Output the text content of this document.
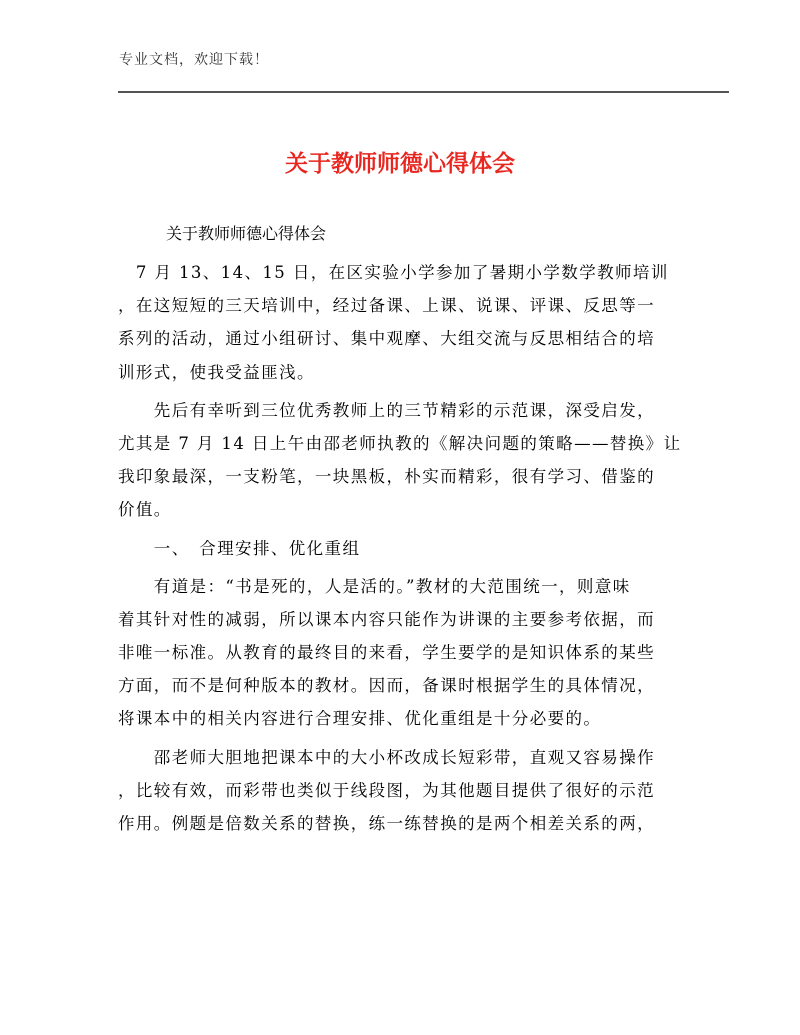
专业文档，欢迎下载！
关于教师师德心得体会
关于教师师德心得体会
　7 月 13、14、15 日，在区实验小学参加了暑期小学数学教师培训
，在这短短的三天培训中，经过备课、上课、说课、评课、反思等一
系列的活动，通过小组研讨、集中观摩、大组交流与反思相结合的培
训形式，使我受益匪浅。
　　先后有幸听到三位优秀教师上的三节精彩的示范课，深受启发，
尤其是 7 月 14 日上午由邵老师执教的《解决问题的策略——替换》让
我印象最深，一支粉笔，一块黑板，朴实而精彩，很有学习、借鉴的
价值。
　　一、　合理安排、优化重组
　　有道是：“书是死的，人是活的。”教材的大范围统一，则意味
着其针对性的减弱，所以课本内容只能作为讲课的主要参考依据，而
非唯一标准。从教育的最终目的来看，学生要学的是知识体系的某些
方面，而不是何种版本的教材。因而，备课时根据学生的具体情况，
将课本中的相关内容进行合理安排、优化重组是十分必要的。
　　邵老师大胆地把课本中的大小杯改成长短彩带，直观又容易操作
，比较有效，而彩带也类似于线段图，为其他题目提供了很好的示范
作用。例题是倍数关系的替换，练一练替换的是两个相差关系的两，
